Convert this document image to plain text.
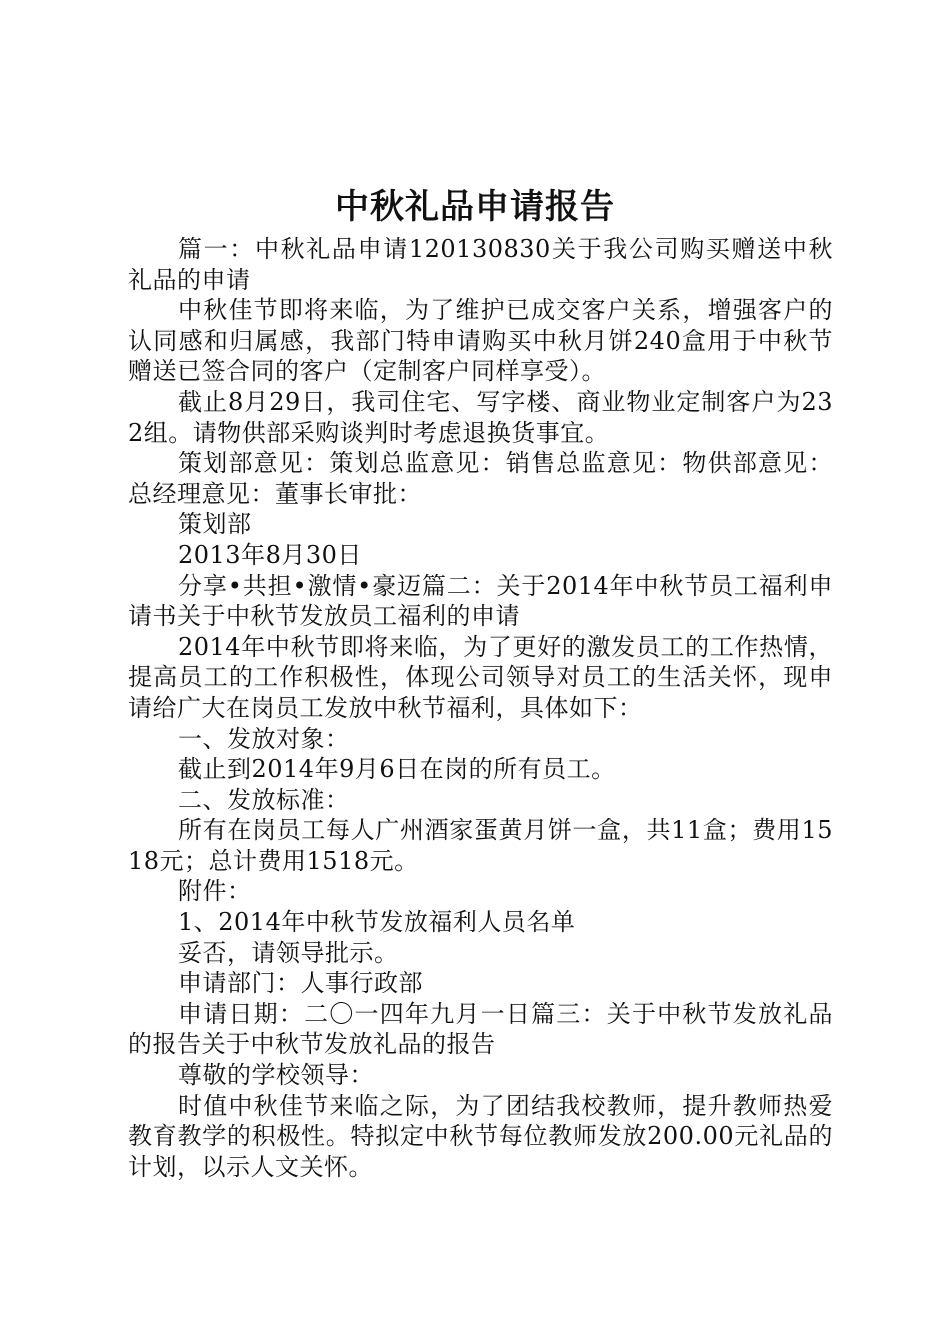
中秋礼品申请报告

篇一：中秋礼品申请120130830关于我公司购买赠送中秋礼品的申请

中秋佳节即将来临，为了维护已成交客户关系，增强客户的认同感和归属感，我部门特申请购买中秋月饼240盒用于中秋节赠送已签合同的客户（定制客户同样享受）。

截止8月29日，我司住宅、写字楼、商业物业定制客户为232组。请物供部采购谈判时考虑退换货事宜。

策划部意见：策划总监意见：销售总监意见：物供部意见：总经理意见：董事长审批：

策划部

2013年8月30日

分享•共担•激情•豪迈篇二：关于2014年中秋节员工福利申请书关于中秋节发放员工福利的申请

2014年中秋节即将来临，为了更好的激发员工的工作热情，提高员工的工作积极性，体现公司领导对员工的生活关怀，现申请给广大在岗员工发放中秋节福利，具体如下：

一、发放对象：

截止到2014年9月6日在岗的所有员工。

二、发放标准：

所有在岗员工每人广州酒家蛋黄月饼一盒，共11盒；费用1518元；总计费用1518元。

附件：

1、2014年中秋节发放福利人员名单

妥否，请领导批示。

申请部门：人事行政部

申请日期：二〇一四年九月一日篇三：关于中秋节发放礼品的报告关于中秋节发放礼品的报告

尊敬的学校领导：

时值中秋佳节来临之际，为了团结我校教师，提升教师热爱教育教学的积极性。特拟定中秋节每位教师发放200.00元礼品的计划，以示人文关怀。
